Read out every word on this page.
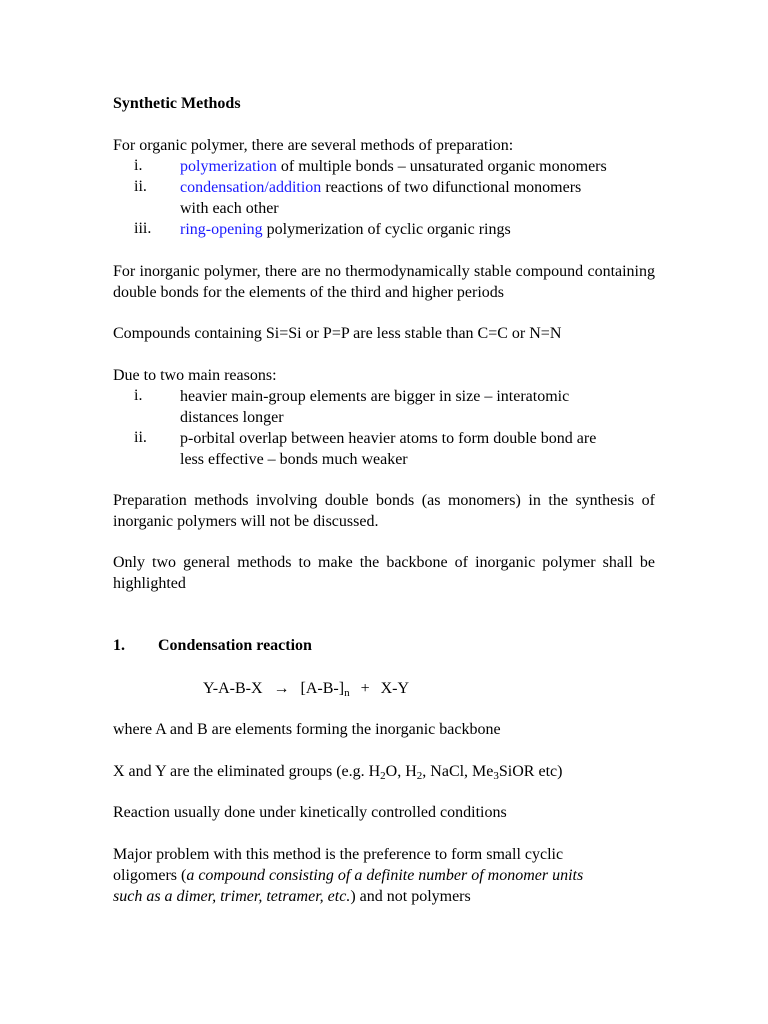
Synthetic Methods
For organic polymer, there are several methods of preparation:
i. polymerization of multiple bonds – unsaturated organic monomers
ii. condensation/addition reactions of two difunctional monomers
with each other
iii. ring-opening polymerization of cyclic organic rings
For inorganic polymer, there are no thermodynamically stable compound containing double bonds for the elements of the third and higher periods
Compounds containing Si=Si or P=P are less stable than C=C or N=N
Due to two main reasons:
i. heavier main-group elements are bigger in size – interatomic
distances longer
ii. p-orbital overlap between heavier atoms to form double bond are
less effective – bonds much weaker
Preparation methods involving double bonds (as monomers) in the synthesis of inorganic polymers will not be discussed.
Only two general methods to make the backbone of inorganic polymer shall be highlighted
1. Condensation reaction
$Y-A-B-X \to [A-B-]_n + X-Y$
where A and B are elements forming the inorganic backbone
X and Y are the eliminated groups (e.g. $H_2O$, $H_2$, NaCl, $Me_3SiOR$ etc)
Reaction usually done under kinetically controlled conditions
Major problem with this method is the preference to form small cyclic
oligomers (a compound consisting of a definite number of monomer units
such as a dimer, trimer, tetramer, etc.) and not polymers
